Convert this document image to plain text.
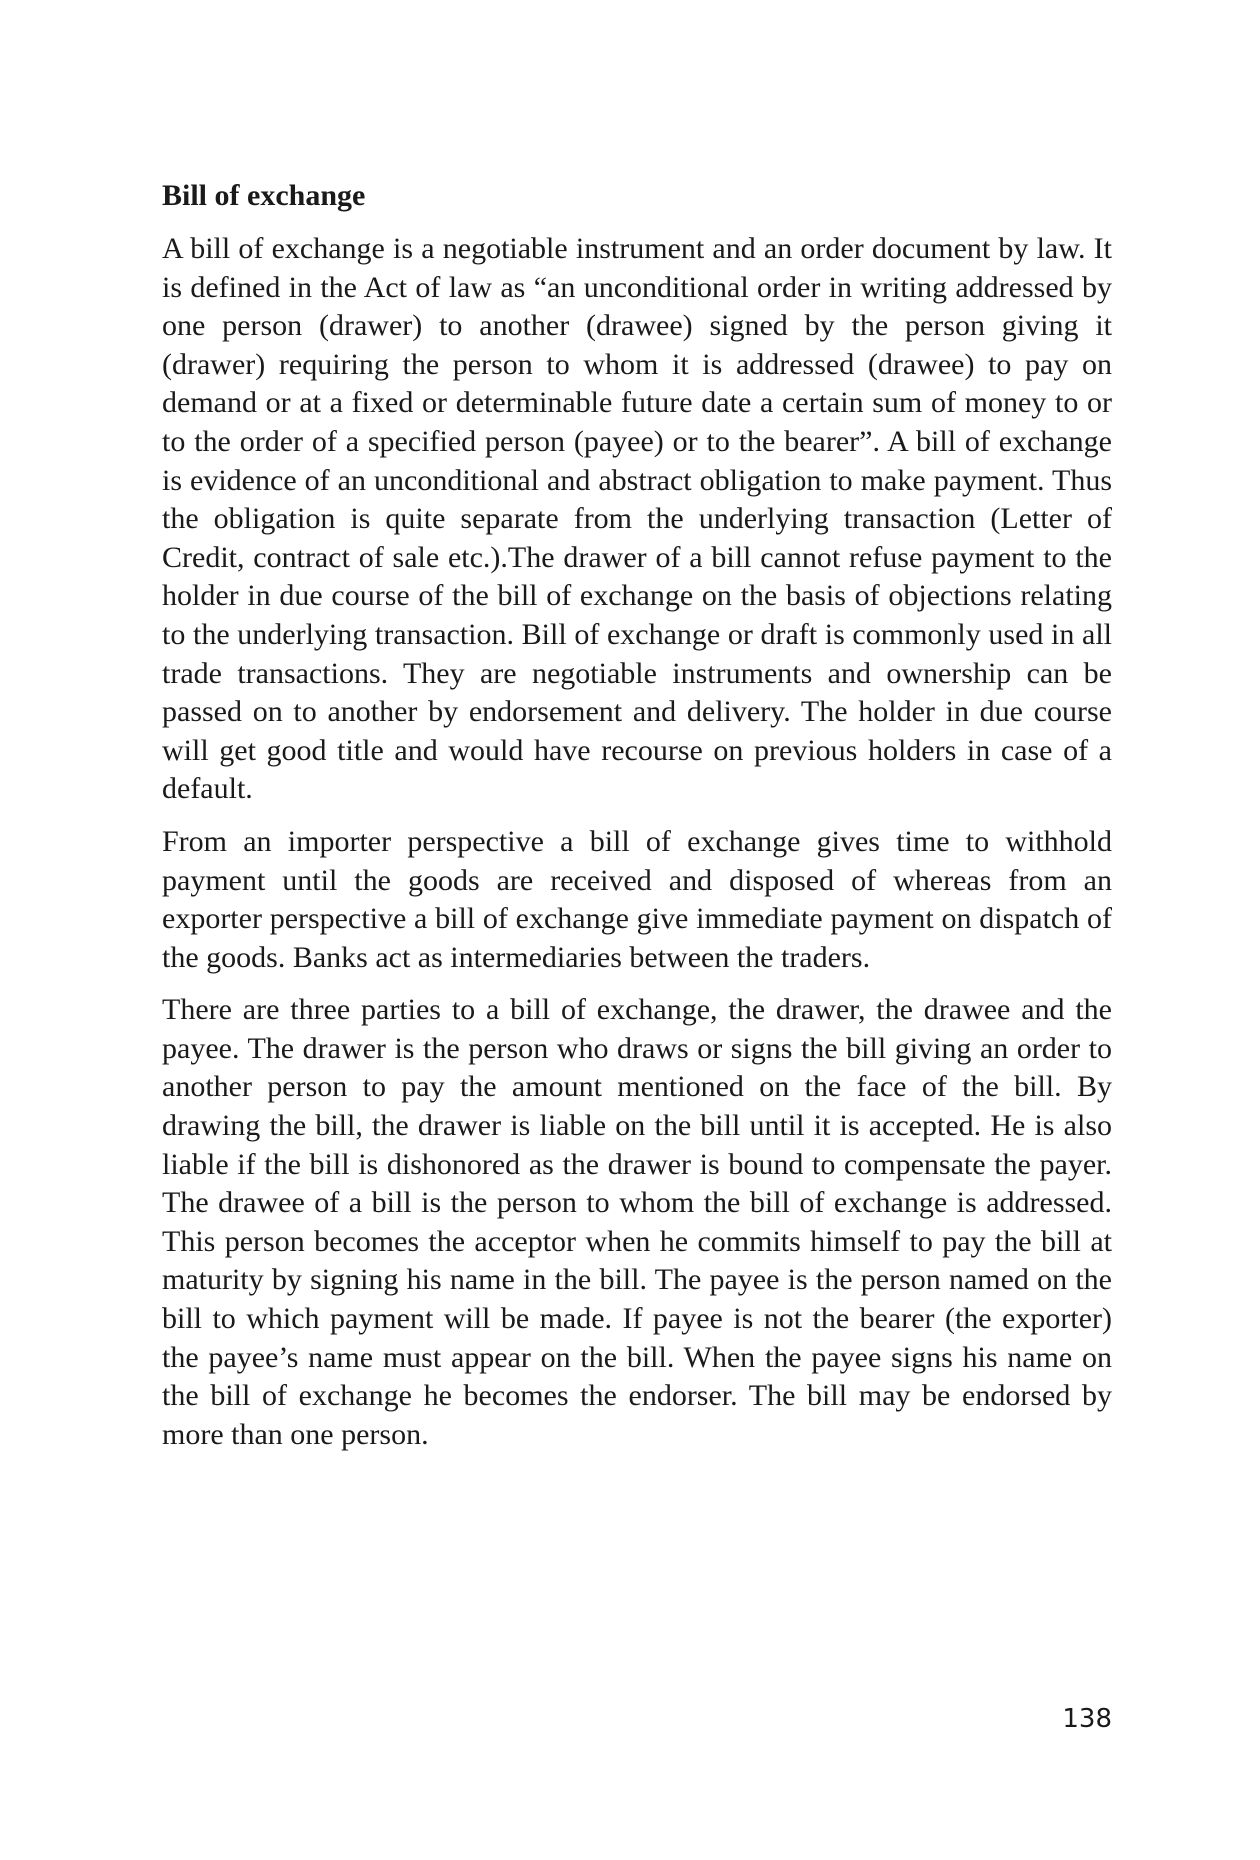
Bill of exchange

A bill of exchange is a negotiable instrument and an order document by law. It is defined in the Act of law as “an unconditional order in writing addressed by one person (drawer) to another (drawee) signed by the person giving it (drawer) requiring the person to whom it is addressed (drawee) to pay on demand or at a fixed or determinable future date a certain sum of money to or to the order of a specified person (payee) or to the bearer”. A bill of exchange is evidence of an unconditional and abstract obligation to make payment. Thus the obligation is quite separate from the underlying transaction (Letter of Credit, contract of sale etc.).The drawer of a bill cannot refuse payment to the holder in due course of the bill of exchange on the basis of objections relating to the underlying transaction. Bill of exchange or draft is commonly used in all trade transactions. They are negotiable instruments and ownership can be passed on to another by endorsement and delivery. The holder in due course will get good title and would have recourse on previous holders in case of a default.

From an importer perspective a bill of exchange gives time to withhold payment until the goods are received and disposed of whereas from an exporter perspective a bill of exchange give immediate payment on dispatch of the goods. Banks act as intermediaries between the traders.

There are three parties to a bill of exchange, the drawer, the drawee and the payee. The drawer is the person who draws or signs the bill giving an order to another person to pay the amount mentioned on the face of the bill. By drawing the bill, the drawer is liable on the bill until it is accepted. He is also liable if the bill is dishonored as the drawer is bound to compensate the payer. The drawee of a bill is the person to whom the bill of exchange is addressed. This person becomes the acceptor when he commits himself to pay the bill at maturity by signing his name in the bill. The payee is the person named on the bill to which payment will be made. If payee is not the bearer (the exporter) the payee’s name must appear on the bill. When the payee signs his name on the bill of exchange he becomes the endorser. The bill may be endorsed by more than one person.

138
